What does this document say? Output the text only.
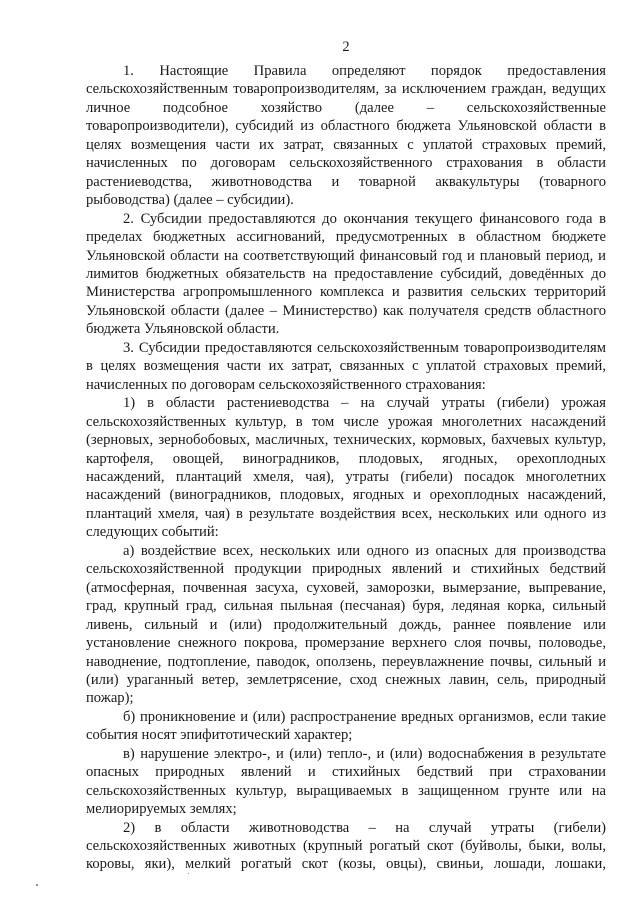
2

1. Настоящие Правила определяют порядок предоставления сельскохозяйственным товаропроизводителям, за исключением граждан, ведущих личное подсобное хозяйство (далее – сельскохозяйственные товаропроизводители), субсидий из областного бюджета Ульяновской области в целях возмещения части их затрат, связанных с уплатой страховых премий, начисленных по договорам сельскохозяйственного страхования в области растениеводства, животноводства и товарной аквакультуры (товарного рыбоводства) (далее – субсидии).

2. Субсидии предоставляются до окончания текущего финансового года в пределах бюджетных ассигнований, предусмотренных в областном бюджете Ульяновской области на соответствующий финансовый год и плановый период, и лимитов бюджетных обязательств на предоставление субсидий, доведённых до Министерства агропромышленного комплекса и развития сельских территорий Ульяновской области (далее – Министерство) как получателя средств областного бюджета Ульяновской области.

3. Субсидии предоставляются сельскохозяйственным товаропроизводителям в целях возмещения части их затрат, связанных с уплатой страховых премий, начисленных по договорам сельскохозяйственного страхования:

1) в области растениеводства – на случай утраты (гибели) урожая сельскохозяйственных культур, в том числе урожая многолетних насаждений (зерновых, зернобобовых, масличных, технических, кормовых, бахчевых культур, картофеля, овощей, виноградников, плодовых, ягодных, орехоплодных насаждений, плантаций хмеля, чая), утраты (гибели) посадок многолетних насаждений (виноградников, плодовых, ягодных и орехоплодных насаждений, плантаций хмеля, чая) в результате воздействия всех, нескольких или одного из следующих событий:

а) воздействие всех, нескольких или одного из опасных для производства сельскохозяйственной продукции природных явлений и стихийных бедствий (атмосферная, почвенная засуха, суховей, заморозки, вымерзание, выпревание, град, крупный град, сильная пыльная (песчаная) буря, ледяная корка, сильный ливень, сильный и (или) продолжительный дождь, раннее появление или установление снежного покрова, промерзание верхнего слоя почвы, половодье, наводнение, подтопление, паводок, оползень, переувлажнение почвы, сильный и (или) ураганный ветер, землетрясение, сход снежных лавин, сель, природный пожар);

б) проникновение и (или) распространение вредных организмов, если такие события носят эпифитотический характер;

в) нарушение электро-, и (или) тепло-, и (или) водоснабжения в результате опасных природных явлений и стихийных бедствий при страховании сельскохозяйственных культур, выращиваемых в защищенном грунте или на мелиорируемых землях;

2) в области животноводства – на случай утраты (гибели) сельскохозяйственных животных (крупный рогатый скот (буйволы, быки, волы, коровы, яки), мелкий рогатый скот (козы, овцы), свиньи, лошади, лошаки,
